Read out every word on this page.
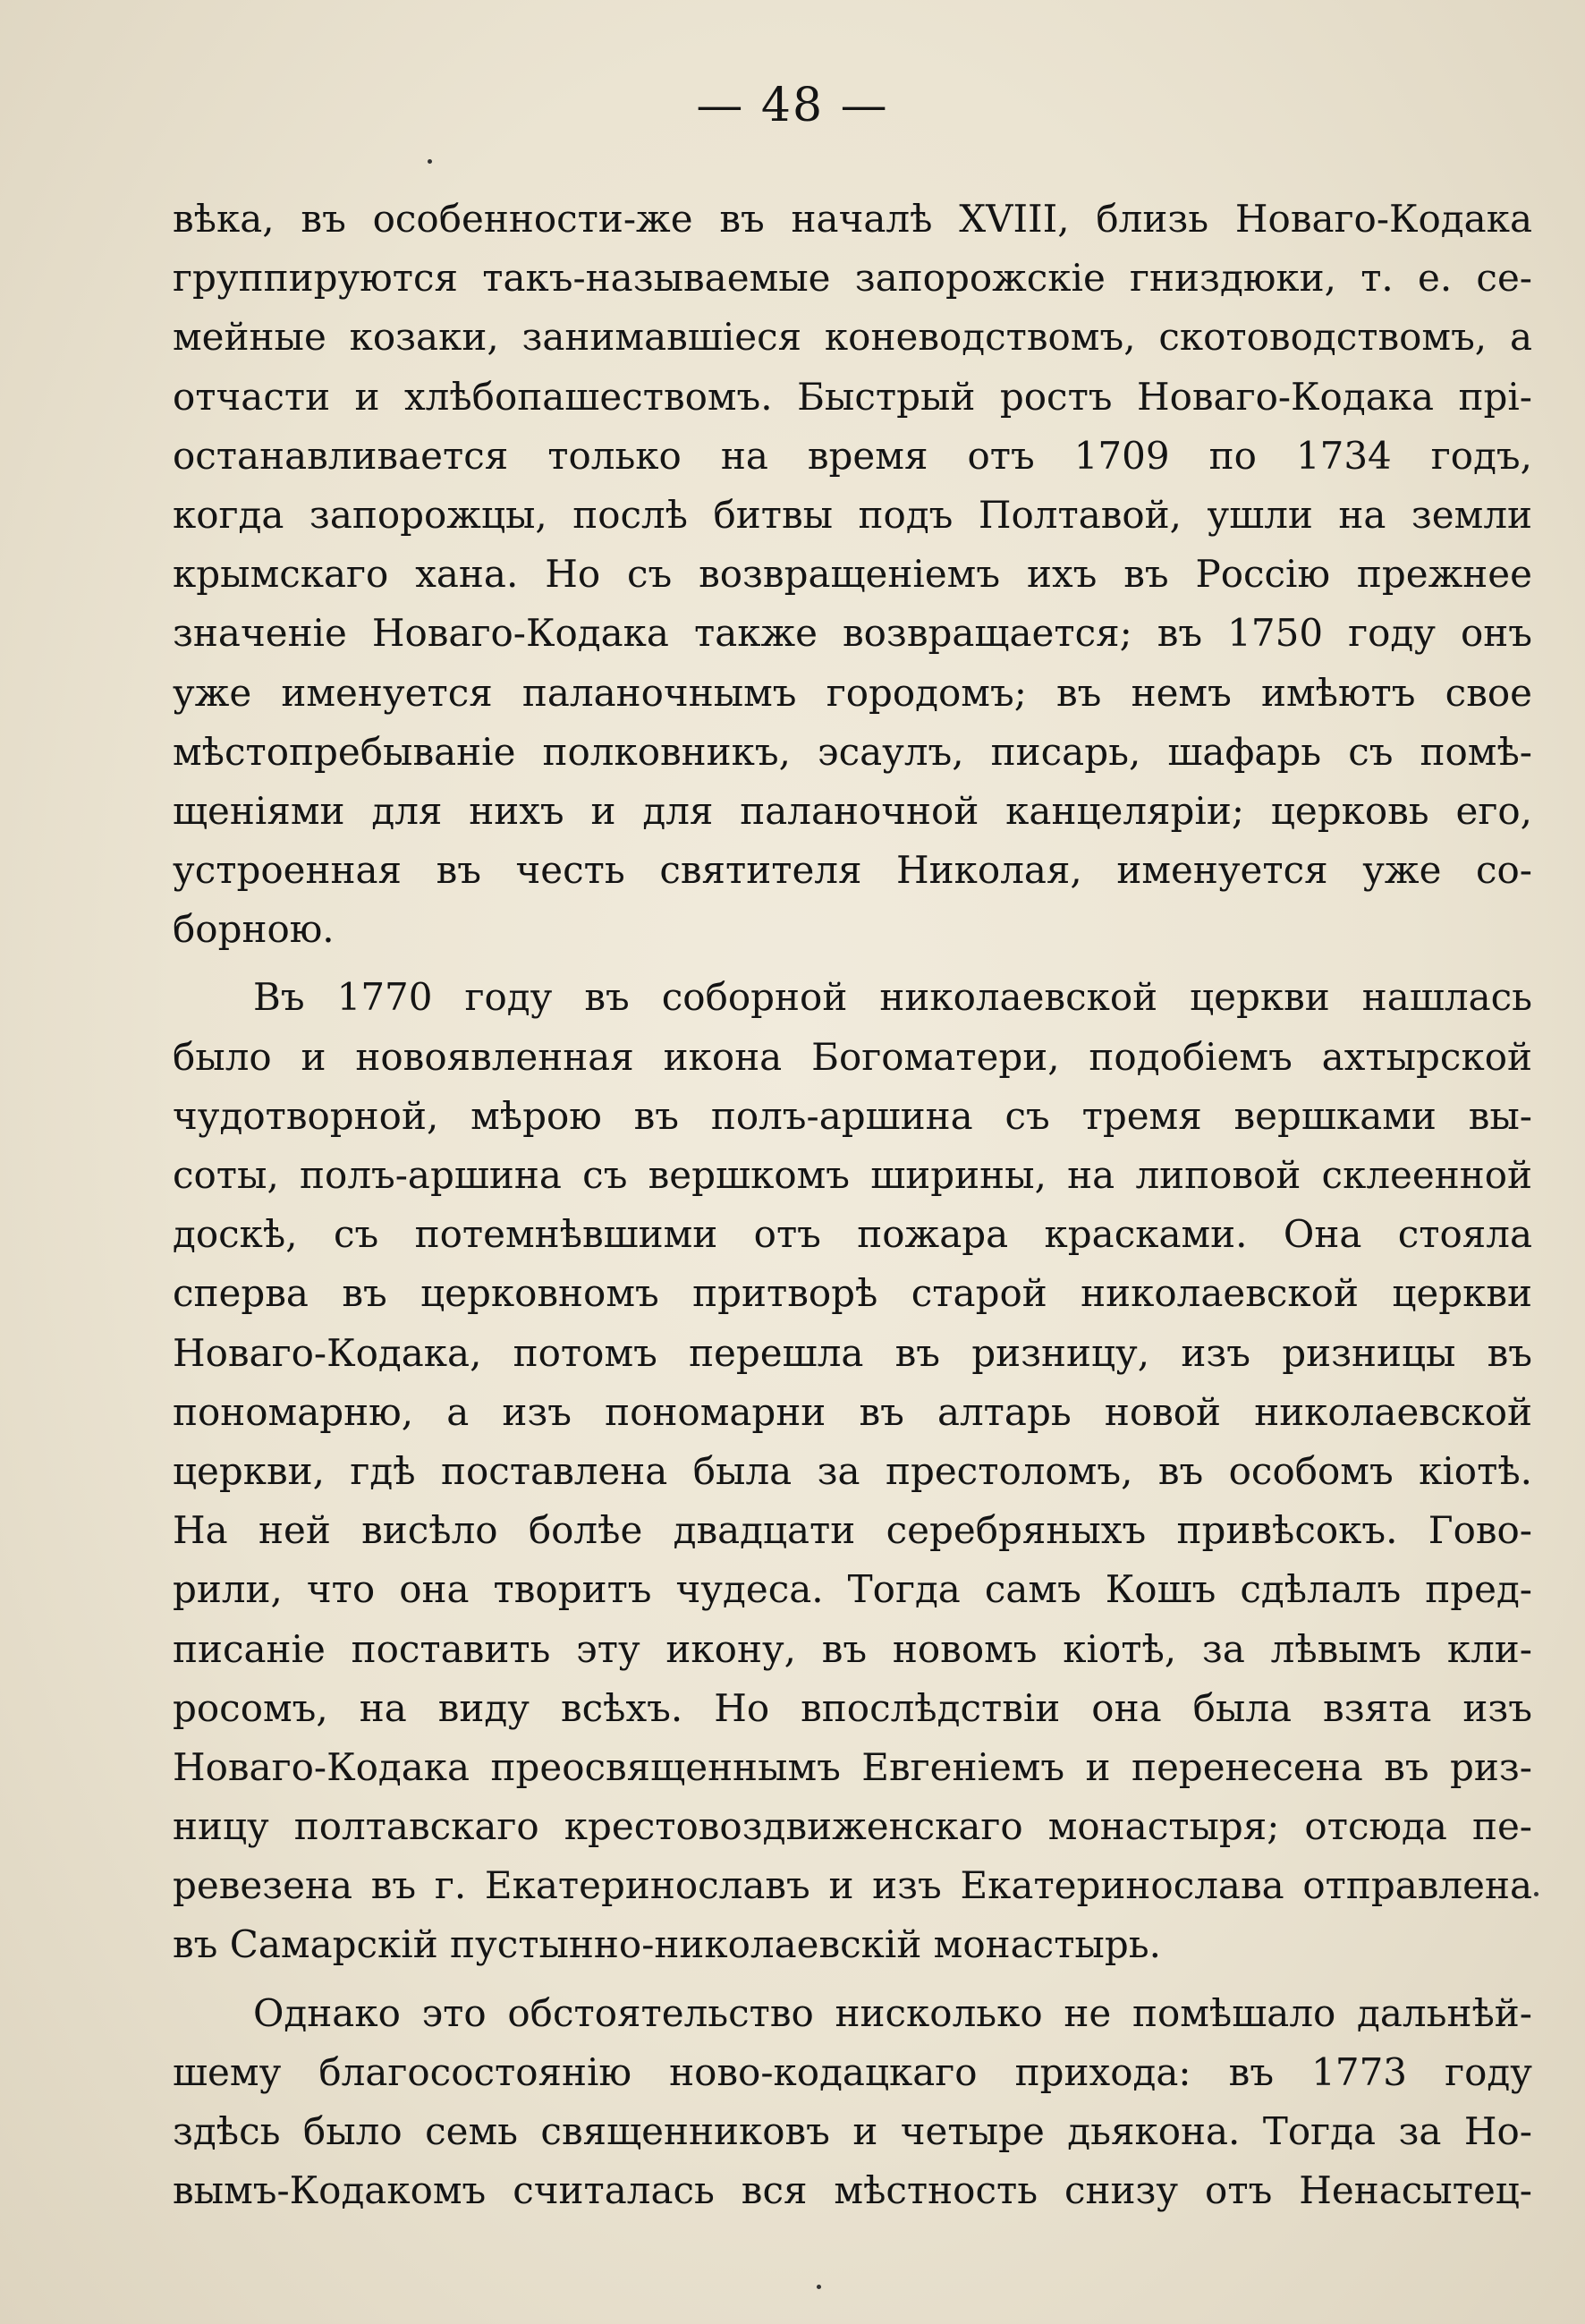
— 48 —
вѣка, въ особенности-же въ началѣ XVIII, близь Новаго-Кодака
группируются такъ-называемые запорожскіе гниздюки, т. е. се-
мейные козаки, занимавшіеся коневодствомъ, скотоводствомъ, а
отчасти и хлѣбопашествомъ. Быстрый ростъ Новаго-Кодака прі-
останавливается только на время отъ 1709 по 1734 годъ,
когда запорожцы, послѣ битвы подъ Полтавой, ушли на земли
крымскаго хана. Но съ возвращеніемъ ихъ въ Россію прежнее
значеніе Новаго-Кодака также возвращается; въ 1750 году онъ
уже именуется паланочнымъ городомъ; въ немъ имѣютъ свое
мѣстопребываніе полковникъ, эсаулъ, писарь, шафарь съ помѣ-
щеніями для нихъ и для паланочной канцеляріи; церковь его,
устроенная въ честь святителя Николая, именуется уже со-
борною.
Въ 1770 году въ соборной николаевской церкви нашлась
было и новоявленная икона Богоматери, подобіемъ ахтырской
чудотворной, мѣрою въ полъ-аршина съ тремя вершками вы-
соты, полъ-аршина съ вершкомъ ширины, на липовой склеенной
доскѣ, съ потемнѣвшими отъ пожара красками. Она стояла
сперва въ церковномъ притворѣ старой николаевской церкви
Новаго-Кодака, потомъ перешла въ ризницу, изъ ризницы въ
пономарню, а изъ пономарни въ алтарь новой николаевской
церкви, гдѣ поставлена была за престоломъ, въ особомъ кіотѣ.
На ней висѣло болѣе двадцати серебряныхъ привѣсокъ. Гово-
рили, что она творитъ чудеса. Тогда самъ Кошъ сдѣлалъ пред-
писаніе поставить эту икону, въ новомъ кіотѣ, за лѣвымъ кли-
росомъ, на виду всѣхъ. Но впослѣдствіи она была взята изъ
Новаго-Кодака преосвященнымъ Евгеніемъ и перенесена въ риз-
ницу полтавскаго крестовоздвиженскаго монастыря; отсюда пе-
ревезена въ г. Екатеринославъ и изъ Екатеринослава отправлена
въ Самарскій пустынно-николаевскій монастырь.
Однако это обстоятельство нисколько не помѣшало дальнѣй-
шему благосостоянію ново-кодацкаго прихода: въ 1773 году
здѣсь было семь священниковъ и четыре дьякона. Тогда за Но-
вымъ-Кодакомъ считалась вся мѣстность снизу отъ Ненасытец-
